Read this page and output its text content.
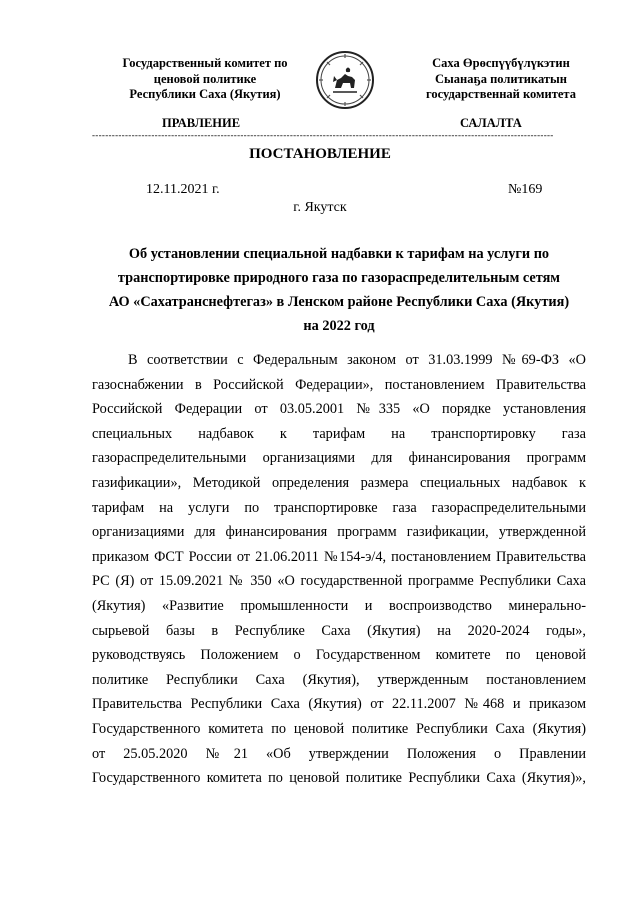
Государственный комитет по
ценовой политике
Республики Саха (Якутия)
Саха Өрөспүүбүлүкэтин
Сыанаҕа политикатын
государственнай комитета
ПРАВЛЕНИЕ	САЛАЛТА
--------------------------------------------------------------------------------------------------------------------------------------------
ПОСТАНОВЛЕНИЕ
12.11.2021 г.	№169
г. Якутск
Об установлении специальной надбавки к тарифам на услуги по
транспортировке природного газа по газораспределительным сетям
АО «Сахатранснефтегаз» в Ленском районе Республики Саха (Якутия)
на 2022 год
В соответствии с Федеральным законом от 31.03.1999 №69-ФЗ «О
газоснабжении в Российской Федерации», постановлением Правительства
Российской Федерации от 03.05.2001 №335 «О порядке установления
специальных надбавок к тарифам на транспортировку газа
газораспределительными организациями для финансирования программ
газификации», Методикой определения размера специальных надбавок к
тарифам на услуги по транспортировке газа газораспределительными
организациями для финансирования программ газификации, утвержденной
приказом ФСТ России от 21.06.2011 №154-э/4, постановлением Правительства
РС (Я) от 15.09.2021 № 350 «О государственной программе Республики Саха
(Якутия) «Развитие промышленности и воспроизводство минерально-
сырьевой базы в Республике Саха (Якутия) на 2020-2024 годы»,
руководствуясь Положением о Государственном комитете по ценовой
политике Республики Саха (Якутия), утвержденным постановлением
Правительства Республики Саха (Якутия) от 22.11.2007 №468 и приказом
Государственного комитета по ценовой политике Республики Саха (Якутия)
от 25.05.2020 №21 «Об утверждении Положения о Правлении
Государственного комитета по ценовой политике Республики Саха (Якутия)»,
